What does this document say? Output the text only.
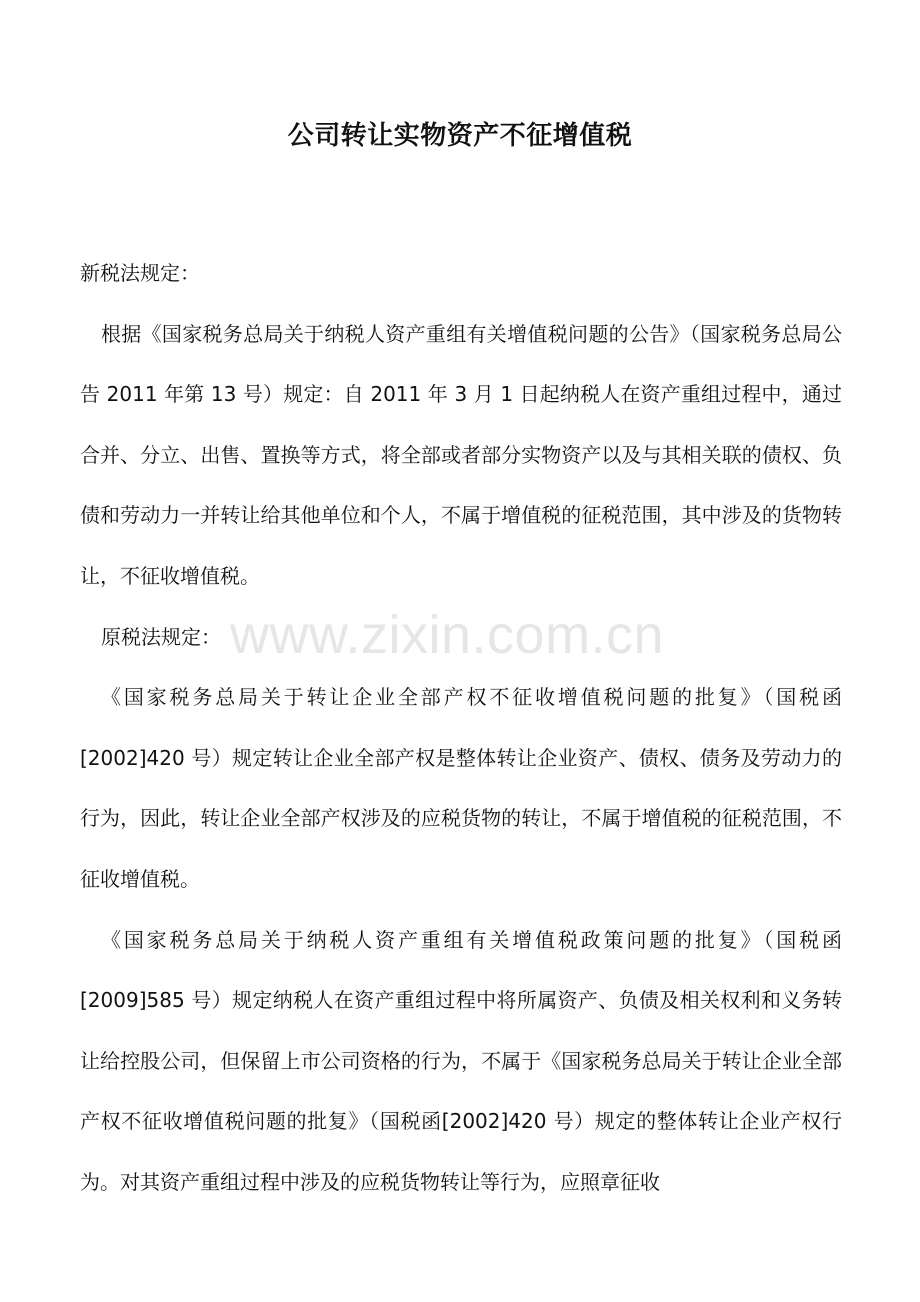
www.zixin.com.cn
公司转让实物资产不征增值税

新税法规定：

根据《国家税务总局关于纳税人资产重组有关增值税问题的公告》（国家税务总局公告 2011 年第 13 号）规定：自 2011 年 3 月 1 日起纳税人在资产重组过程中，通过合并、分立、出售、置换等方式，将全部或者部分实物资产以及与其相关联的债权、负债和劳动力一并转让给其他单位和个人，不属于增值税的征税范围，其中涉及的货物转让，不征收增值税。

原税法规定：

《国家税务总局关于转让企业全部产权不征收增值税问题的批复》（国税函[2002]420 号）规定转让企业全部产权是整体转让企业资产、债权、债务及劳动力的行为，因此，转让企业全部产权涉及的应税货物的转让，不属于增值税的征税范围，不征收增值税。

《国家税务总局关于纳税人资产重组有关增值税政策问题的批复》（国税函[2009]585 号）规定纳税人在资产重组过程中将所属资产、负债及相关权利和义务转让给控股公司，但保留上市公司资格的行为，不属于《国家税务总局关于转让企业全部产权不征收增值税问题的批复》（国税函[2002]420 号）规定的整体转让企业产权行为。对其资产重组过程中涉及的应税货物转让等行为，应照章征收
